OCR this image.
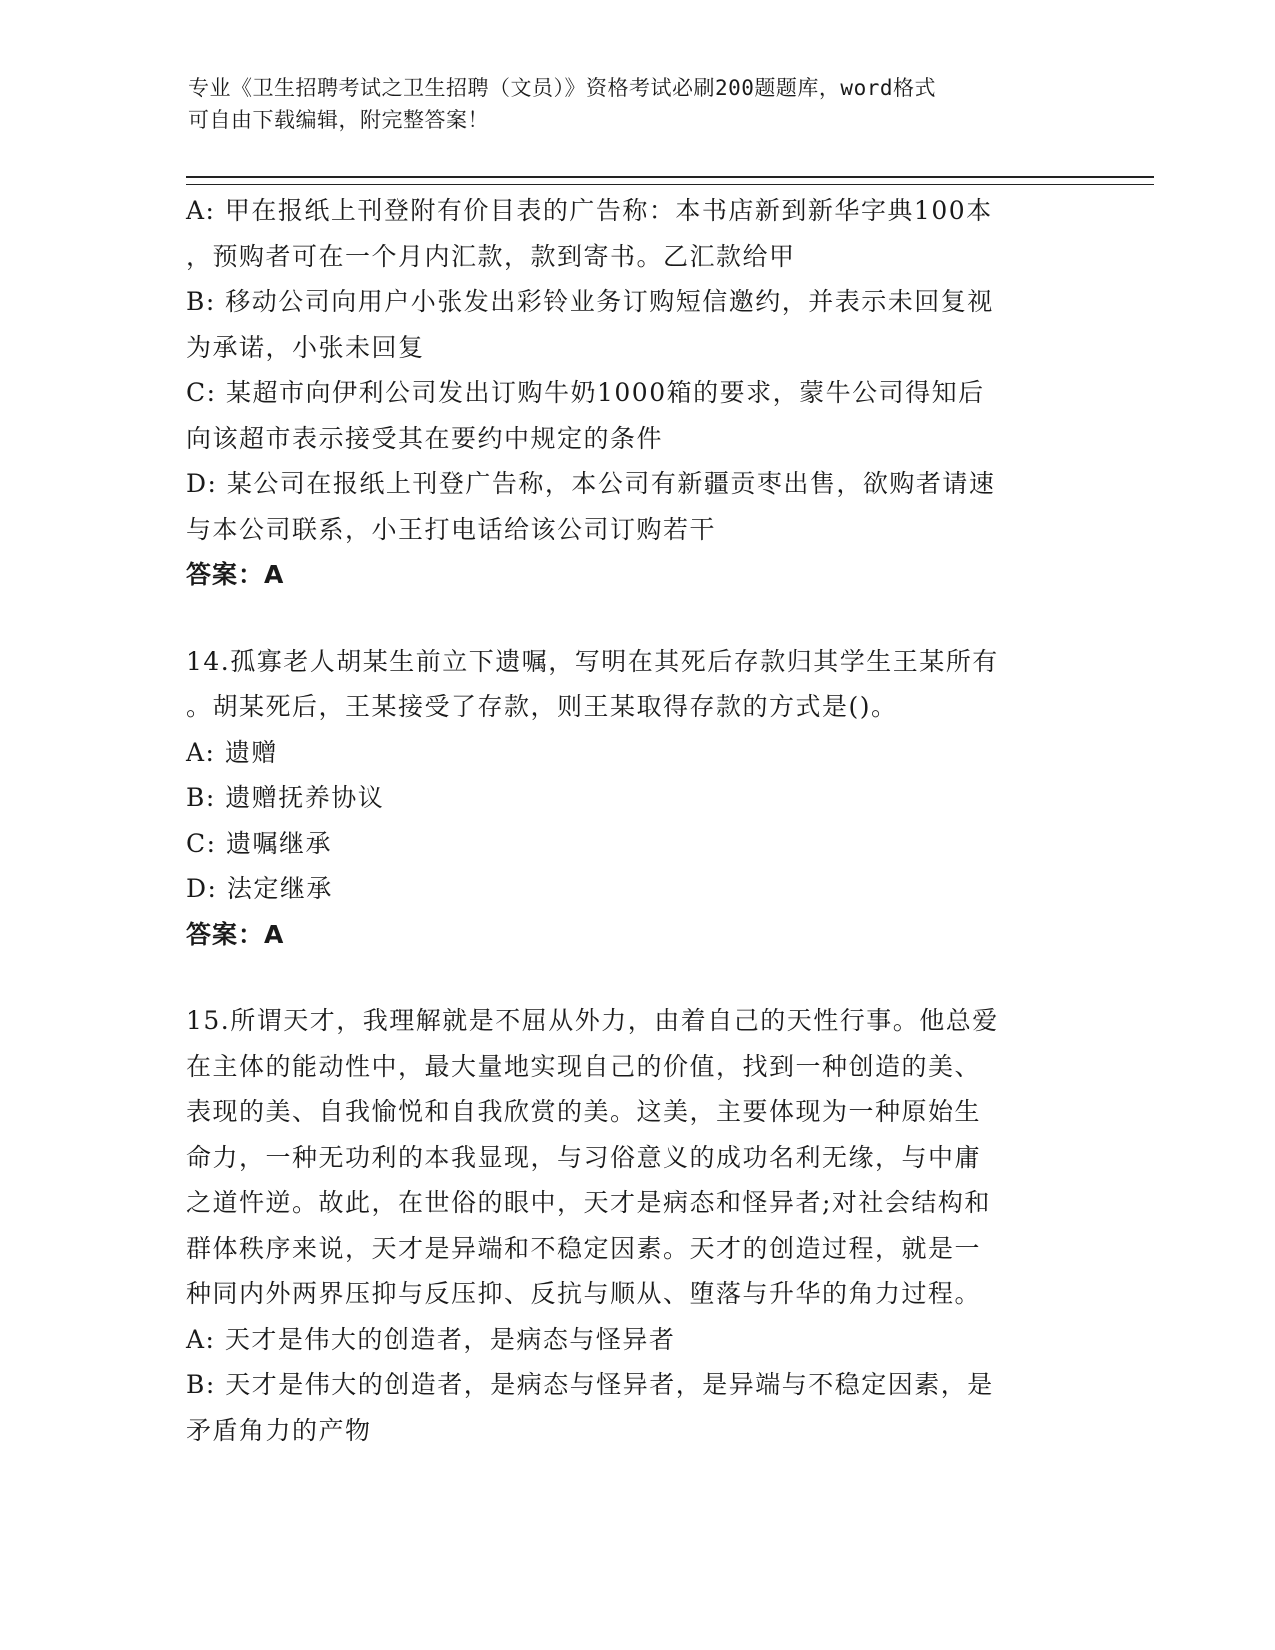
专业《卫生招聘考试之卫生招聘（文员）》资格考试必刷200题题库，word格式
可自由下载编辑，附完整答案！
A: 甲在报纸上刊登附有价目表的广告称：本书店新到新华字典100本
，预购者可在一个月内汇款，款到寄书。乙汇款给甲
B: 移动公司向用户小张发出彩铃业务订购短信邀约，并表示未回复视
为承诺，小张未回复
C: 某超市向伊利公司发出订购牛奶1000箱的要求，蒙牛公司得知后
向该超市表示接受其在要约中规定的条件
D: 某公司在报纸上刊登广告称，本公司有新疆贡枣出售，欲购者请速
与本公司联系，小王打电话给该公司订购若干
答案：A
14.孤寡老人胡某生前立下遗嘱，写明在其死后存款归其学生王某所有
。胡某死后，王某接受了存款，则王某取得存款的方式是()。
A: 遗赠
B: 遗赠抚养协议
C: 遗嘱继承
D: 法定继承
答案：A
15.所谓天才，我理解就是不屈从外力，由着自己的天性行事。他总爱
在主体的能动性中，最大量地实现自己的价值，找到一种创造的美、
表现的美、自我愉悦和自我欣赏的美。这美，主要体现为一种原始生
命力，一种无功利的本我显现，与习俗意义的成功名利无缘，与中庸
之道忤逆。故此，在世俗的眼中，天才是病态和怪异者;对社会结构和
群体秩序来说，天才是异端和不稳定因素。天才的创造过程，就是一
种同内外两界压抑与反压抑、反抗与顺从、堕落与升华的角力过程。
A: 天才是伟大的创造者，是病态与怪异者
B: 天才是伟大的创造者，是病态与怪异者，是异端与不稳定因素，是
矛盾角力的产物
